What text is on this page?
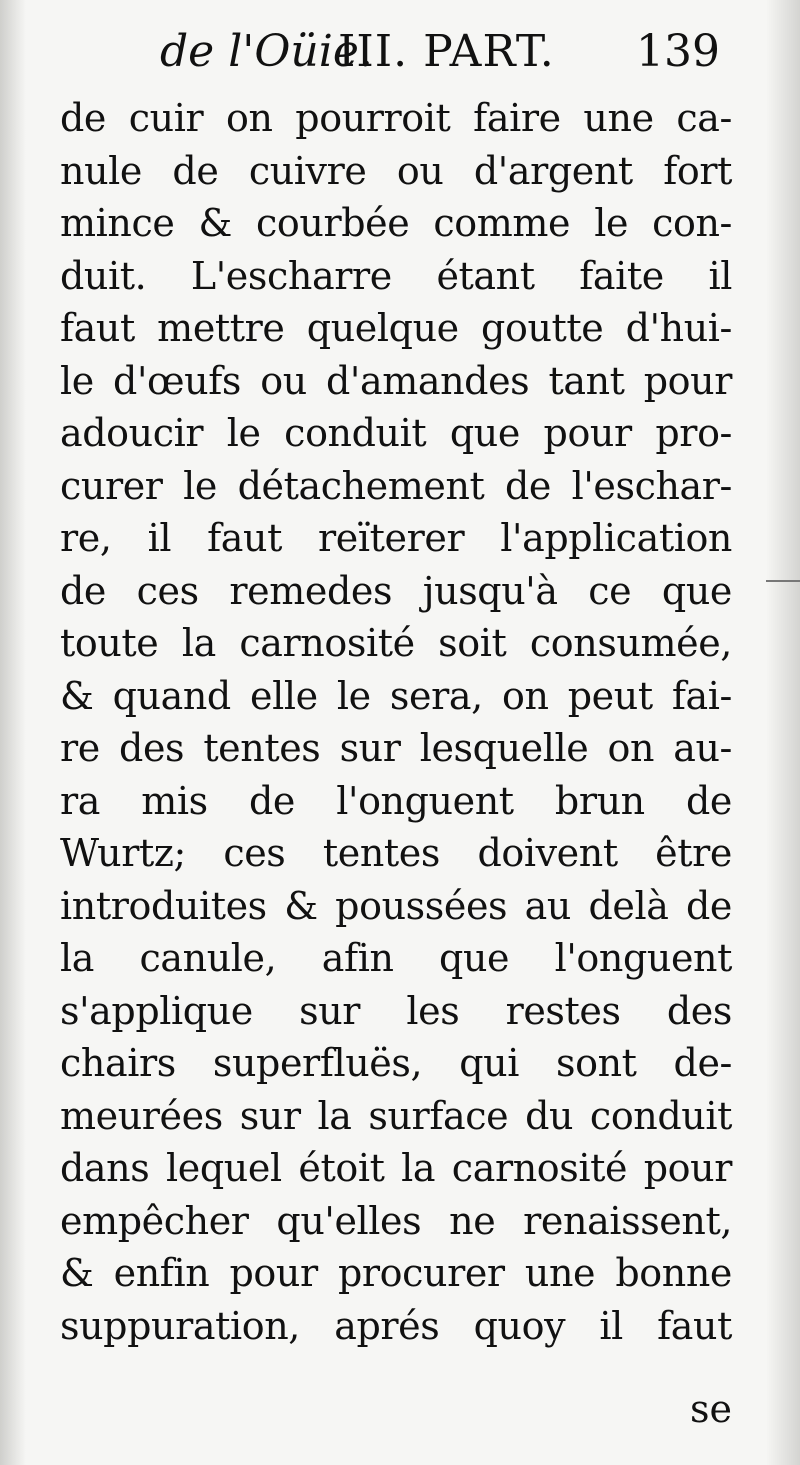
de l'Oüie.
III. PART. 139
de cuir on pourroit faire une ca-
nule de cuivre ou d'argent fort
mince & courbée comme le con-
duit. L'escharre étant faite il
faut mettre quelque goutte d'hui-
le d'œufs ou d'amandes tant pour
adoucir le conduit que pour pro-
curer le détachement de l'eschar-
re, il faut reïterer l'application
de ces remedes jusqu'à ce que
toute la carnosité soit consumée,
& quand elle le sera, on peut fai-
re des tentes sur lesquelle on au-
ra mis de l'onguent brun de
Wurtz; ces tentes doivent être
introduites & poussées au delà de
la canule, afin que l'onguent
s'applique sur les restes des
chairs superfluës, qui sont de-
meurées sur la surface du conduit
dans lequel étoit la carnosité pour
empêcher qu'elles ne renaissent,
& enfin pour procurer une bonne
suppuration, aprés quoy il faut
se
